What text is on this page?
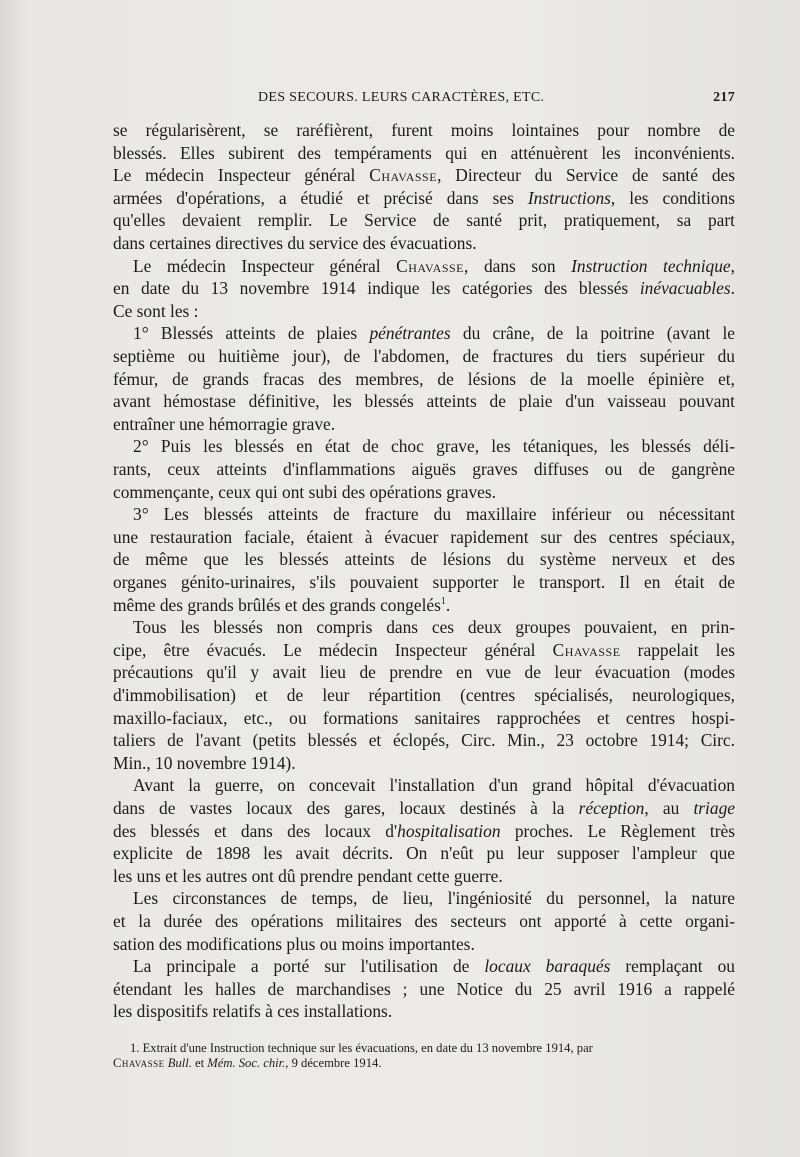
DES SECOURS. LEURS CARACTÈRES, ETC.	217
se régularisèrent, se raréfièrent, furent moins lointaines pour nombre de
blessés. Elles subirent des tempéraments qui en atténuèrent les inconvénients.
Le médecin Inspecteur général Chavasse, Directeur du Service de santé des
armées d'opérations, a étudié et précisé dans ses Instructions, les conditions
qu'elles devaient remplir. Le Service de santé prit, pratiquement, sa part
dans certaines directives du service des évacuations.
Le médecin Inspecteur général Chavasse, dans son Instruction technique,
en date du 13 novembre 1914 indique les catégories des blessés inévacuables.
Ce sont les :
1° Blessés atteints de plaies pénétrantes du crâne, de la poitrine (avant le
septième ou huitième jour), de l'abdomen, de fractures du tiers supérieur du
fémur, de grands fracas des membres, de lésions de la moelle épinière et,
avant hémostase définitive, les blessés atteints de plaie d'un vaisseau pouvant
entraîner une hémorragie grave.
2° Puis les blessés en état de choc grave, les tétaniques, les blessés déli-
rants, ceux atteints d'inflammations aiguës graves diffuses ou de gangrène
commençante, ceux qui ont subi des opérations graves.
3° Les blessés atteints de fracture du maxillaire inférieur ou nécessitant
une restauration faciale, étaient à évacuer rapidement sur des centres spéciaux,
de même que les blessés atteints de lésions du système nerveux et des
organes génito-urinaires, s'ils pouvaient supporter le transport. Il en était de
même des grands brûlés et des grands congelés$^1$.
Tous les blessés non compris dans ces deux groupes pouvaient, en prin-
cipe, être évacués. Le médecin Inspecteur général Chavasse rappelait les
précautions qu'il y avait lieu de prendre en vue de leur évacuation (modes
d'immobilisation) et de leur répartition (centres spécialisés, neurologiques,
maxillo-faciaux, etc., ou formations sanitaires rapprochées et centres hospi-
taliers de l'avant (petits blessés et éclopés, Circ. Min., 23 octobre 1914; Circ.
Min., 10 novembre 1914).
Avant la guerre, on concevait l'installation d'un grand hôpital d'évacuation
dans de vastes locaux des gares, locaux destinés à la réception, au triage
des blessés et dans des locaux d'hospitalisation proches. Le Règlement très
explicite de 1898 les avait décrits. On n'eût pu leur supposer l'ampleur que
les uns et les autres ont dû prendre pendant cette guerre.
Les circonstances de temps, de lieu, l'ingéniosité du personnel, la nature
et la durée des opérations militaires des secteurs ont apporté à cette organi-
sation des modifications plus ou moins importantes.
La principale a porté sur l'utilisation de locaux baraqués remplaçant ou
étendant les halles de marchandises ; une Notice du 25 avril 1916 a rappelé
les dispositifs relatifs à ces installations.
1. Extrait d'une Instruction technique sur les évacuations, en date du 13 novembre 1914, par
Chavasse Bull. et Mém. Soc. chir., 9 décembre 1914.
